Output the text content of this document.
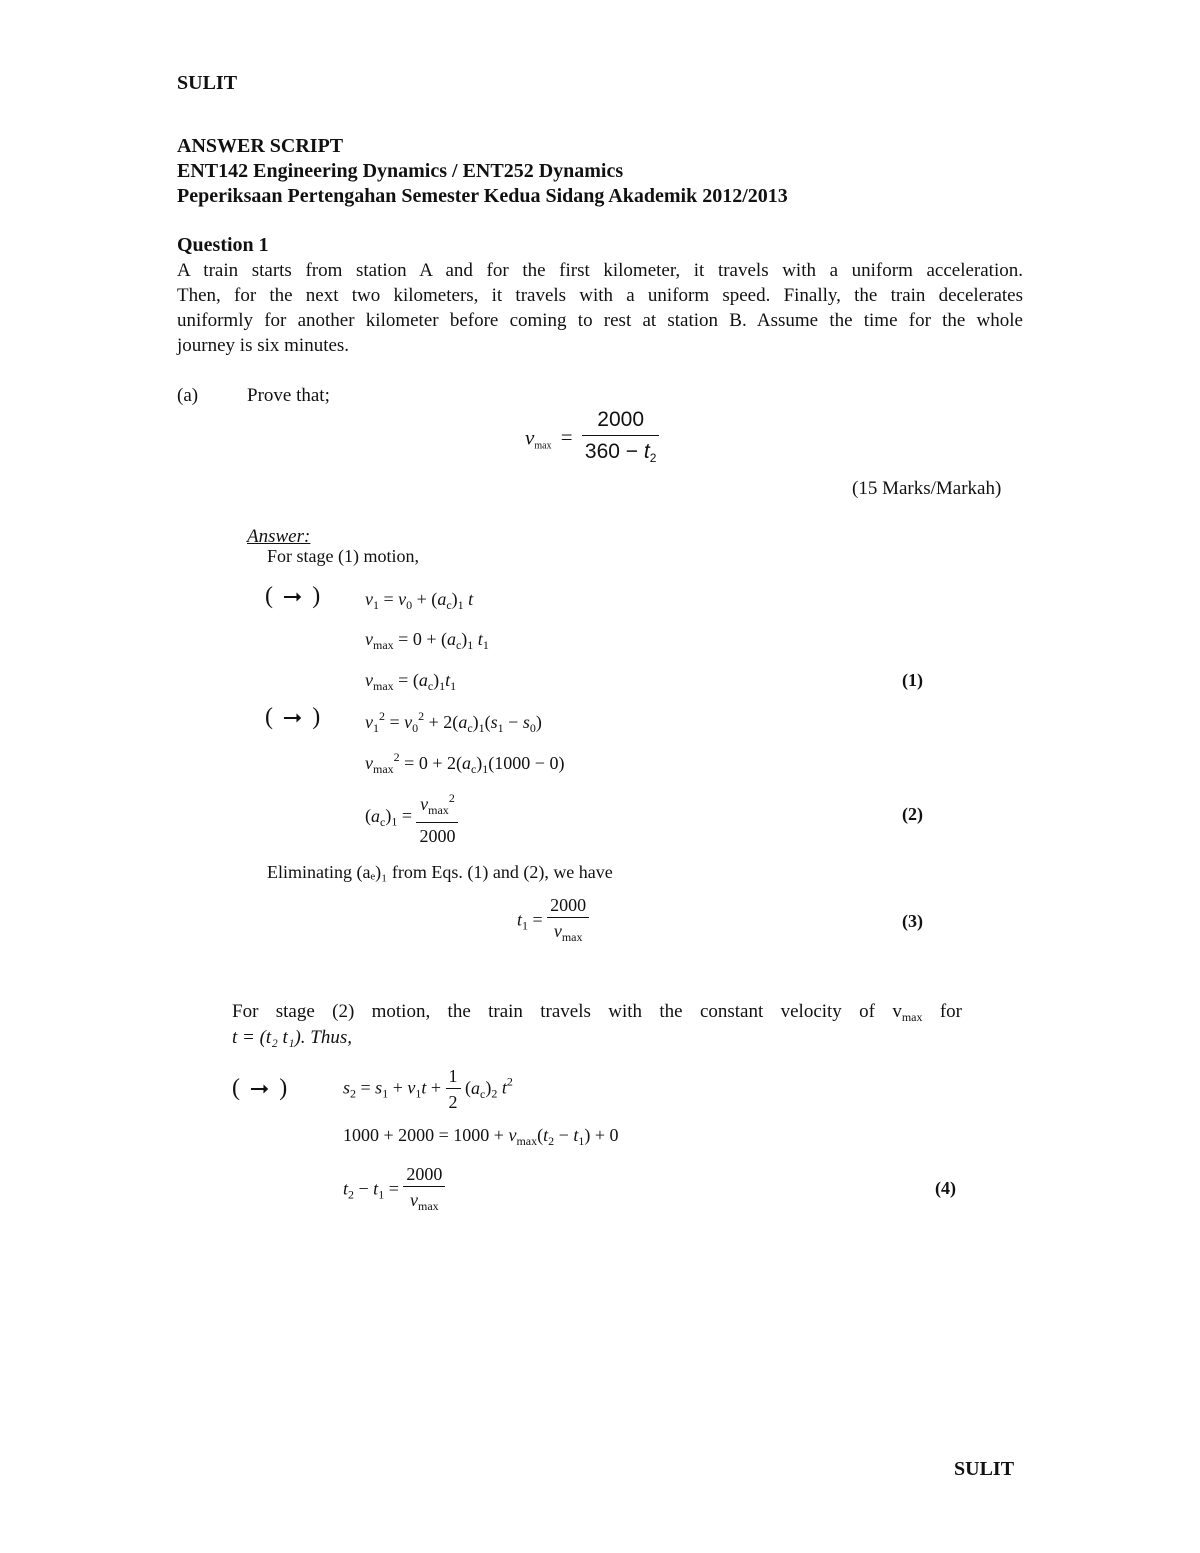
SULIT
ANSWER SCRIPT
ENT142 Engineering Dynamics / ENT252 Dynamics
Peperiksaan Pertengahan Semester Kedua Sidang Akademik 2012/2013
Question 1
A train starts from station A and for the first kilometer, it travels with a uniform acceleration.
Then, for the next two kilometers, it travels with a uniform speed. Finally, the train decelerates
uniformly for another kilometer before coming to rest at station B. Assume the time for the whole
journey is six minutes.
(a)	Prove that;
$v_{max} = \frac{2000}{360 - t_2}$
(15 Marks/Markah)
Answer:
For stage (1) motion,
( ⭢ ) $v_1 = v_0 + (a_c)_1$ t
$v_{max} = 0 + (a_c)_1$ $t_1$
$v_{max} = (a_c)_1t_1$	(1)
( ⭢ ) $v_1^2 = v_0^2 + 2(a_c)_1(s_1 - s_0)$
$v_{max}^2 = 0 + 2(a_c)_1(1000 - 0)$
$(a_c)_1 = \frac{v_{max}^2}{2000}$	(2)
Eliminating (aₑ)₁ from Eqs. (1) and (2), we have
$t_1 = \frac{2000}{v_{max}}$	(3)
For stage (2) motion, the train travels with the constant velocity of $v_{max}$ for
t = (t₂ t₁). Thus,
( ⭢ )	$s_2 = s_1 + v_1t + \frac{1}{2} (a_c)_2$ $t^2$
$1000 + 2000 = 1000 + v_{max}(t_2 - t_1) + 0$
$t_2 - t_1 = \frac{2000}{v_{max}}$	(4)
SULIT
